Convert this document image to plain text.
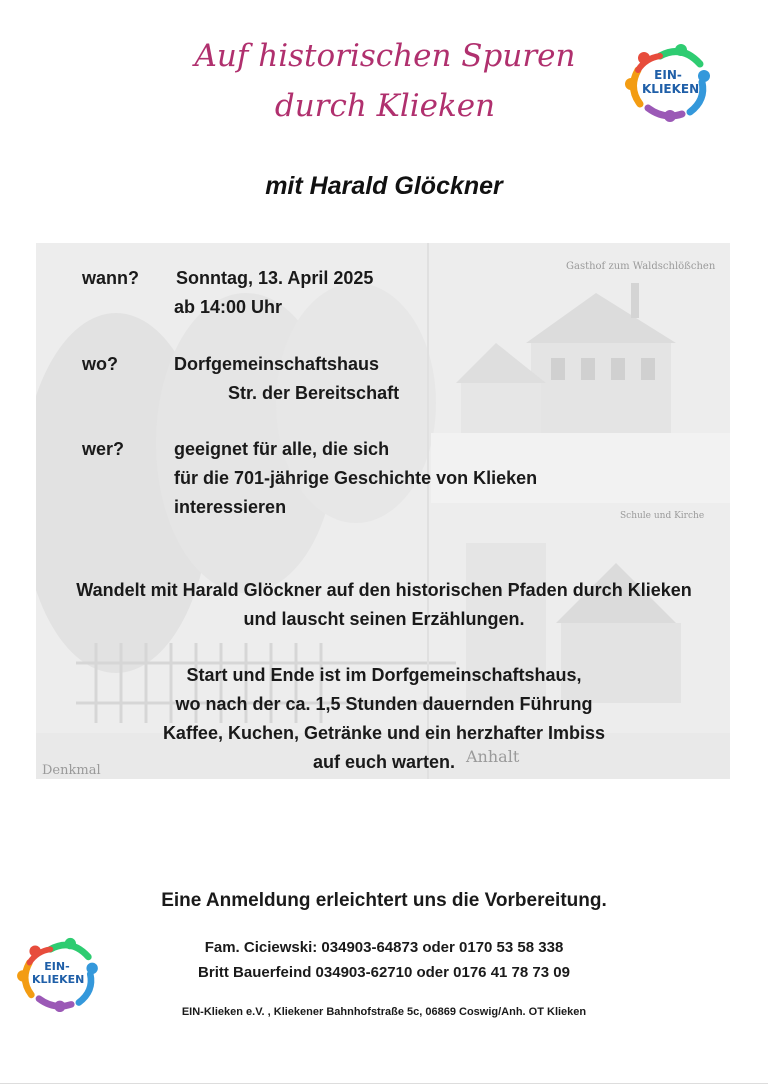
Auf historischen Spuren
durch Klieken
EIN-
KLIEKEN
mit Harald Glöckner
Gasthof zum Waldschlößchen
Schule und Kirche
Denkmal
Anhalt
wann? Sonntag, 13. April 2025
ab 14:00 Uhr
wo?	Dorfgemeinschaftshaus
Str. der Bereitschaft
wer?	geeignet für alle, die sich
für die 701-jährige Geschichte von Klieken
interessieren
Wandelt mit Harald Glöckner auf den historischen Pfaden durch Klieken
und lauscht seinen Erzählungen.
Start und Ende ist im Dorfgemeinschaftshaus,
wo nach der ca. 1,5 Stunden dauernden Führung
Kaffee, Kuchen, Getränke und ein herzhafter Imbiss
auf euch warten.
Eine Anmeldung erleichtert uns die Vorbereitung.
EIN-
KLIEKEN
Fam. Ciciewski: 034903-64873 oder 0170 53 58 338
Britt Bauerfeind 034903-62710 oder 0176 41 78 73 09
EIN-Klieken e.V. , Kliekener Bahnhofstraße 5c, 06869 Coswig/Anh. OT Klieken
